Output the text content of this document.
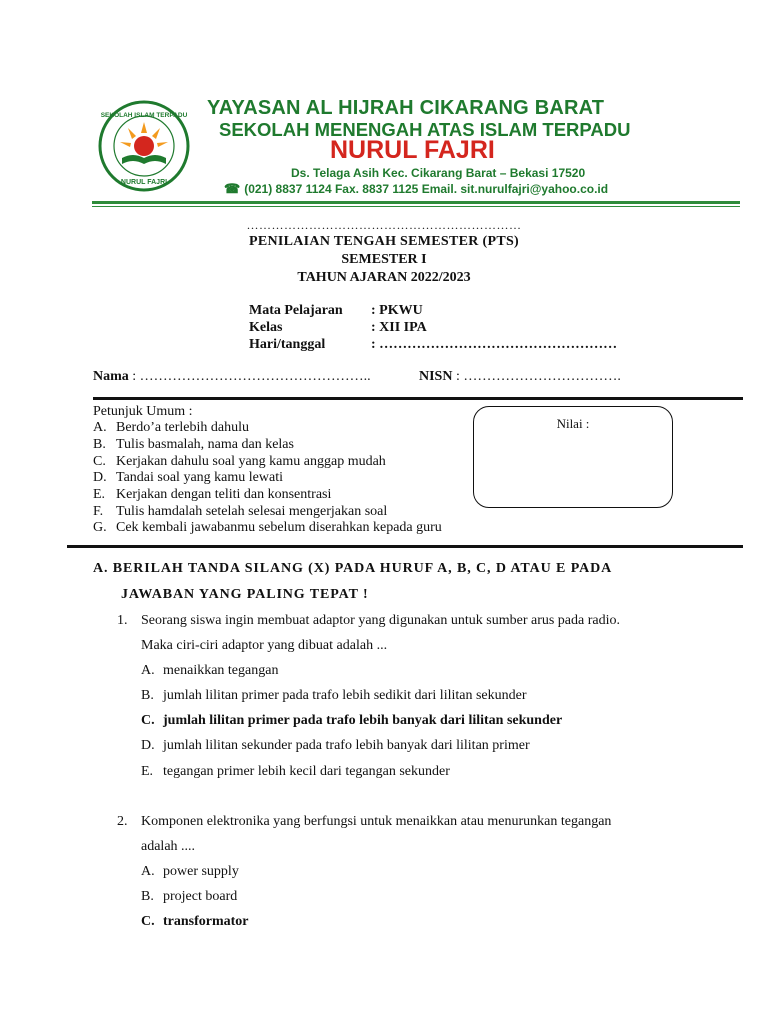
SEKOLAH ISLAM TERPADU
NURUL FAJRI
YAYASAN AL HIJRAH CIKARANG BARAT
SEKOLAH MENENGAH ATAS ISLAM TERPADU
NURUL FAJRI
Ds. Telaga Asih Kec. Cikarang Barat – Bekasi 17520
☎ (021) 8837 1124 Fax. 8837 1125 Email. sit.nurulfajri@yahoo.co.id
…………………………………………………………
PENILAIAN TENGAH SEMESTER (PTS)
SEMESTER I
TAHUN AJARAN 2022/2023
Mata Pelajaran : PKWU
Kelas	: XII IPA
Hari/tanggal	: ……………………………………………
Nama : …………………………………………..	NISN : …………………………….
Petunjuk Umum :
A. Berdo’a terlebih dahulu
B. Tulis basmalah, nama dan kelas
C. Kerjakan dahulu soal yang kamu anggap mudah
D. Tandai soal yang kamu lewati
E. Kerjakan dengan teliti dan konsentrasi
F. Tulis hamdalah setelah selesai mengerjakan soal
G. Cek kembali jawabanmu sebelum diserahkan kepada guru
Nilai :
A. BERILAH TANDA SILANG (X) PADA HURUF A, B, C, D ATAU E PADA
JAWABAN YANG PALING TEPAT !
1. Seorang siswa ingin membuat adaptor yang digunakan untuk sumber arus pada radio.
Maka ciri-ciri adaptor yang dibuat adalah ...
A. menaikkan tegangan
B. jumlah lilitan primer pada trafo lebih sedikit dari lilitan sekunder
C. jumlah lilitan primer pada trafo lebih banyak dari lilitan sekunder
D. jumlah lilitan sekunder pada trafo lebih banyak dari lilitan primer
E. tegangan primer lebih kecil dari tegangan sekunder
2. Komponen elektronika yang berfungsi untuk menaikkan atau menurunkan tegangan
adalah ....
A. power supply
B. project board
C. transformator
